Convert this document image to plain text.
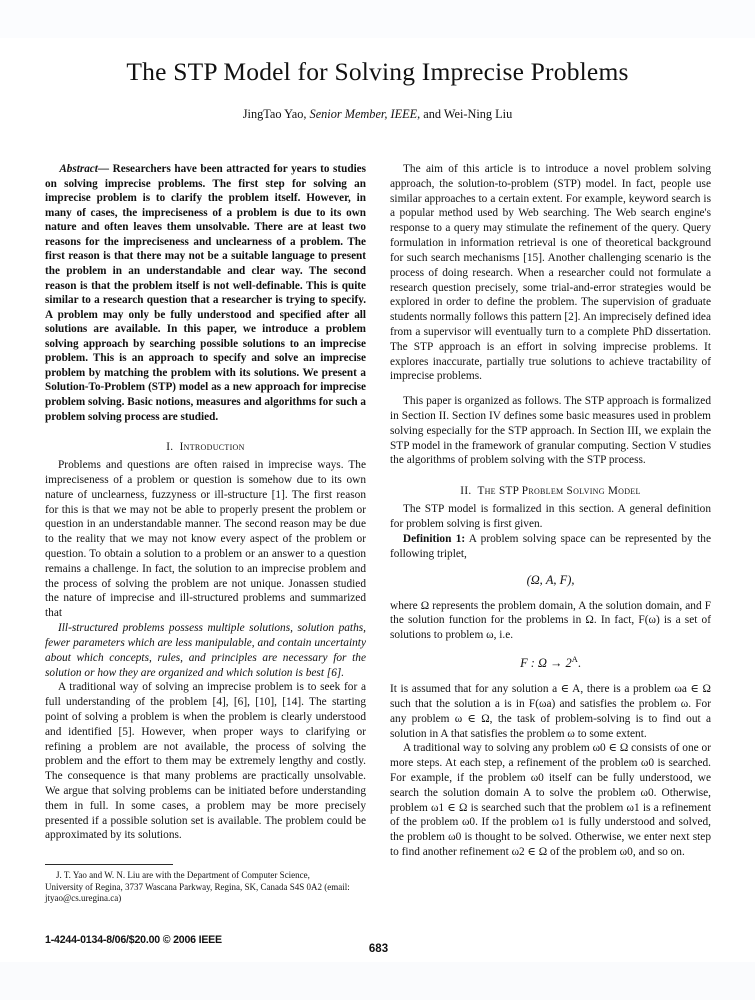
The STP Model for Solving Imprecise Problems

JingTao Yao, Senior Member, IEEE, and Wei-Ning Liu

Abstract— Researchers have been attracted for years to studies on solving imprecise problems. The first step for solving an imprecise problem is to clarify the problem itself. However, in many of cases, the impreciseness of a problem is due to its own nature and often leaves them unsolvable. There are at least two reasons for the impreciseness and unclearness of a problem. The first reason is that there may not be a suitable language to present the problem in an understandable and clear way. The second reason is that the problem itself is not well-definable. This is quite similar to a research question that a researcher is trying to specify. A problem may only be fully understood and specified after all solutions are available. In this paper, we introduce a problem solving approach by searching possible solutions to an imprecise problem. This is an approach to specify and solve an imprecise problem by matching the problem with its solutions. We present a Solution-To-Problem (STP) model as a new approach for imprecise problem solving. Basic notions, measures and algorithms for such a problem solving process are studied.

I. Introduction

Problems and questions are often raised in imprecise ways. The impreciseness of a problem or question is somehow due to its own nature of unclearness, fuzzyness or ill-structure [1]. The first reason for this is that we may not be able to properly present the problem or question in an understandable manner. The second reason may be due to the reality that we may not know every aspect of the problem or question. To obtain a solution to a problem or an answer to a question remains a challenge. In fact, the solution to an imprecise problem and the process of solving the problem are not unique. Jonassen studied the nature of imprecise and ill-structured problems and summarized that

Ill-structured problems possess multiple solutions, solution paths, fewer parameters which are less manipulable, and contain uncertainty about which concepts, rules, and principles are necessary for the solution or how they are organized and which solution is best [6].

A traditional way of solving an imprecise problem is to seek for a full understanding of the problem [4], [6], [10], [14]. The starting point of solving a problem is when the problem is clearly understood and identified [5]. However, when proper ways to clarifying or refining a problem are not available, the process of solving the problem and the effort to them may be extremely lengthy and costly. The consequence is that many problems are practically unsolvable. We argue that solving problems can be initiated before understanding them in full. In some cases, a problem may be more precisely presented if a possible solution set is available. The problem could be approximated by its solutions.

J. T. Yao and W. N. Liu are with the Department of Computer Science,
University of Regina, 3737 Wascana Parkway, Regina, SK, Canada S4S 0A2 (email: jtyao@cs.uregina.ca)

The aim of this article is to introduce a novel problem solving approach, the solution-to-problem (STP) model. In fact, people use similar approaches to a certain extent. For example, keyword search is a popular method used by Web searching. The Web search engine's response to a query may stimulate the refinement of the query. Query formulation in information retrieval is one of theoretical background for such search mechanisms [15]. Another challenging scenario is the process of doing research. When a researcher could not formulate a research question precisely, some trial-and-error strategies would be explored in order to define the problem. The supervision of graduate students normally follows this pattern [2]. An imprecisely defined idea from a supervisor will eventually turn to a complete PhD dissertation. The STP approach is an effort in solving imprecise problems. It explores inaccurate, partially true solutions to achieve tractability of imprecise problems.

This paper is organized as follows. The STP approach is formalized in Section II. Section IV defines some basic measures used in problem solving especially for the STP approach. In Section III, we explain the STP model in the framework of granular computing. Section V studies the algorithms of problem solving with the STP process.

II. The STP Problem Solving Model

The STP model is formalized in this section. A general definition for problem solving is first given.

Definition 1: A problem solving space can be represented by the following triplet,

(Ω, A, F),

where Ω represents the problem domain, A the solution domain, and F the solution function for the problems in Ω. In fact, F(ω) is a set of solutions to problem ω, i.e.

F : $\Omega \to 2^A$.

It is assumed that for any solution a ∈ A, there is a problem ωa ∈ Ω such that the solution a is in F(ωa) and satisfies the problem ω. For any problem ω ∈ Ω, the task of problem-solving is to find out a solution in A that satisfies the problem ω to some extent.

A traditional way to solving any problem ω0 ∈ Ω consists of one or more steps. At each step, a refinement of the problem ω0 is searched. For example, if the problem ω0 itself can be fully understood, we search the solution domain A to solve the problem ω0. Otherwise, problem ω1 ∈ Ω is searched such that the problem ω1 is a refinement of the problem ω0. If the problem ω1 is fully understood and solved, the problem ω0 is thought to be solved. Otherwise, we enter next step to find another refinement ω2 ∈ Ω of the problem ω0, and so on.

1-4244-0134-8/06/$20.00 © 2006 IEEE
683
